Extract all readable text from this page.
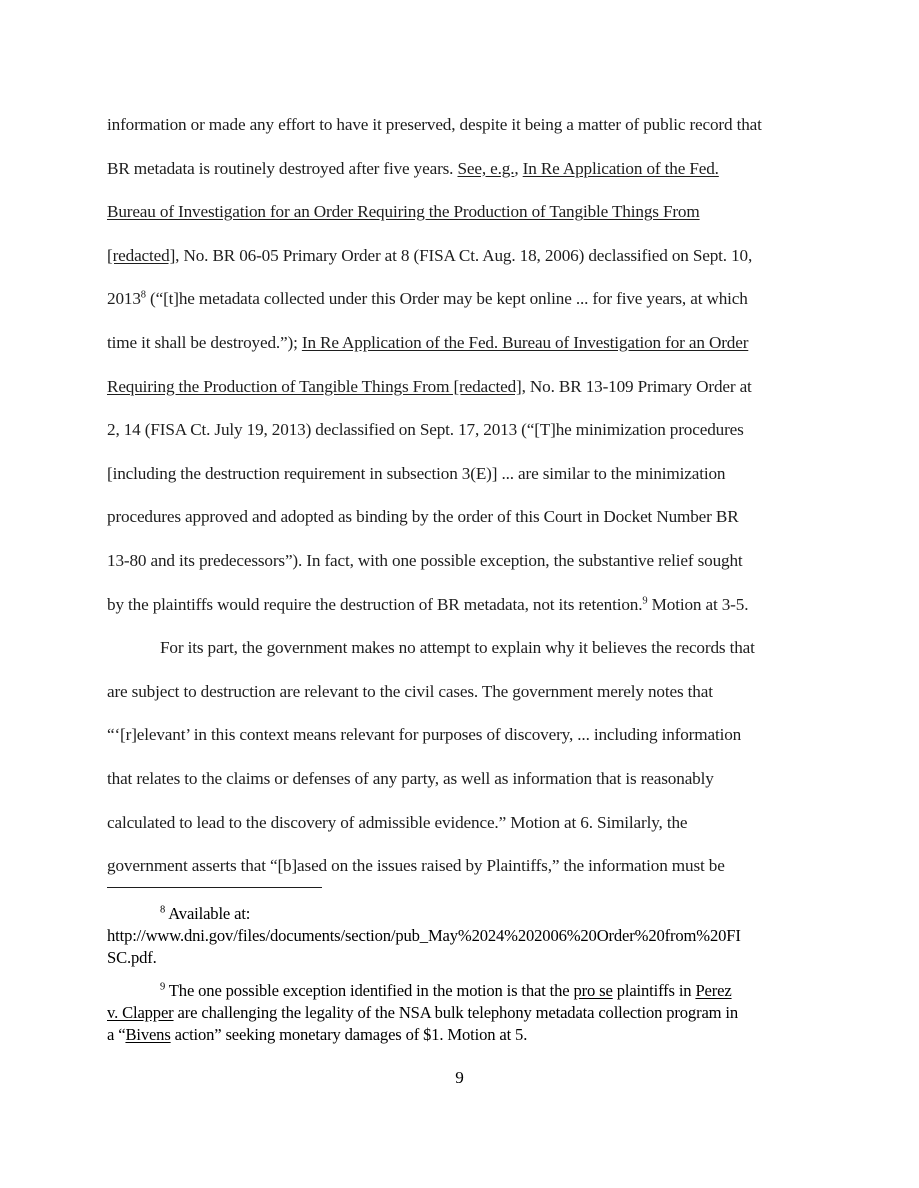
information or made any effort to have it preserved, despite it being a matter of public record that
BR metadata is routinely destroyed after five years. See, e.g., In Re Application of the Fed.
Bureau of Investigation for an Order Requiring the Production of Tangible Things From
[redacted], No. BR 06-05 Primary Order at 8 (FISA Ct. Aug. 18, 2006) declassified on Sept. 10,
2013$^8$ (“[t]he metadata collected under this Order may be kept online ... for five years, at which
time it shall be destroyed.”); In Re Application of the Fed. Bureau of Investigation for an Order
Requiring the Production of Tangible Things From [redacted], No. BR 13-109 Primary Order at
2, 14 (FISA Ct. July 19, 2013) declassified on Sept. 17, 2013 (“[T]he minimization procedures
[including the destruction requirement in subsection 3(E)] ... are similar to the minimization
procedures approved and adopted as binding by the order of this Court in Docket Number BR
13-80 and its predecessors”). In fact, with one possible exception, the substantive relief sought
by the plaintiffs would require the destruction of BR metadata, not its retention.$^9$ Motion at 3-5.
For its part, the government makes no attempt to explain why it believes the records that
are subject to destruction are relevant to the civil cases. The government merely notes that
“‘[r]elevant’ in this context means relevant for purposes of discovery, ... including information
that relates to the claims or defenses of any party, as well as information that is reasonably
calculated to lead to the discovery of admissible evidence.” Motion at 6. Similarly, the
government asserts that “[b]ased on the issues raised by Plaintiffs,” the information must be
$^8$ Available at:
http://www.dni.gov/files/documents/section/pub_May%2024%202006%20Order%20from%20FI
SC.pdf.
$^9$ The one possible exception identified in the motion is that the pro se plaintiffs in Perez
v. Clapper are challenging the legality of the NSA bulk telephony metadata collection program in
a “Bivens action” seeking monetary damages of $1. Motion at 5.
9
